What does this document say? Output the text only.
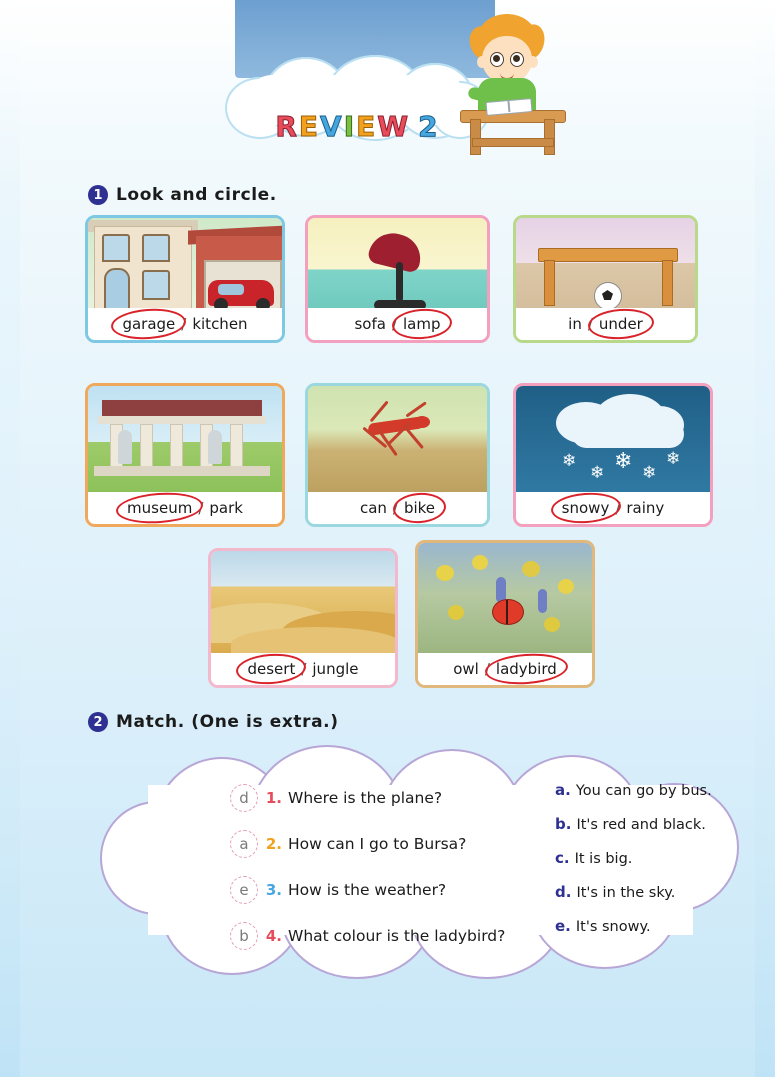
REVIEW 2
1 Look and circle.
garage / kitchen	sofa / lamp	in / under
museum / park	can / bike
❄
❄ ❄ ❄
❄
snowy / rainy
desert / jungle	owl / ladybird
2 Match. (One is extra.)
d	1. Where is the plane?
a	2. How can I go to Bursa?
e	3. How is the weather?
b	4. What colour is the ladybird?
a. You can go by bus.
b. It's red and black.
c. It is big.
d. It's in the sky.
e. It's snowy.
